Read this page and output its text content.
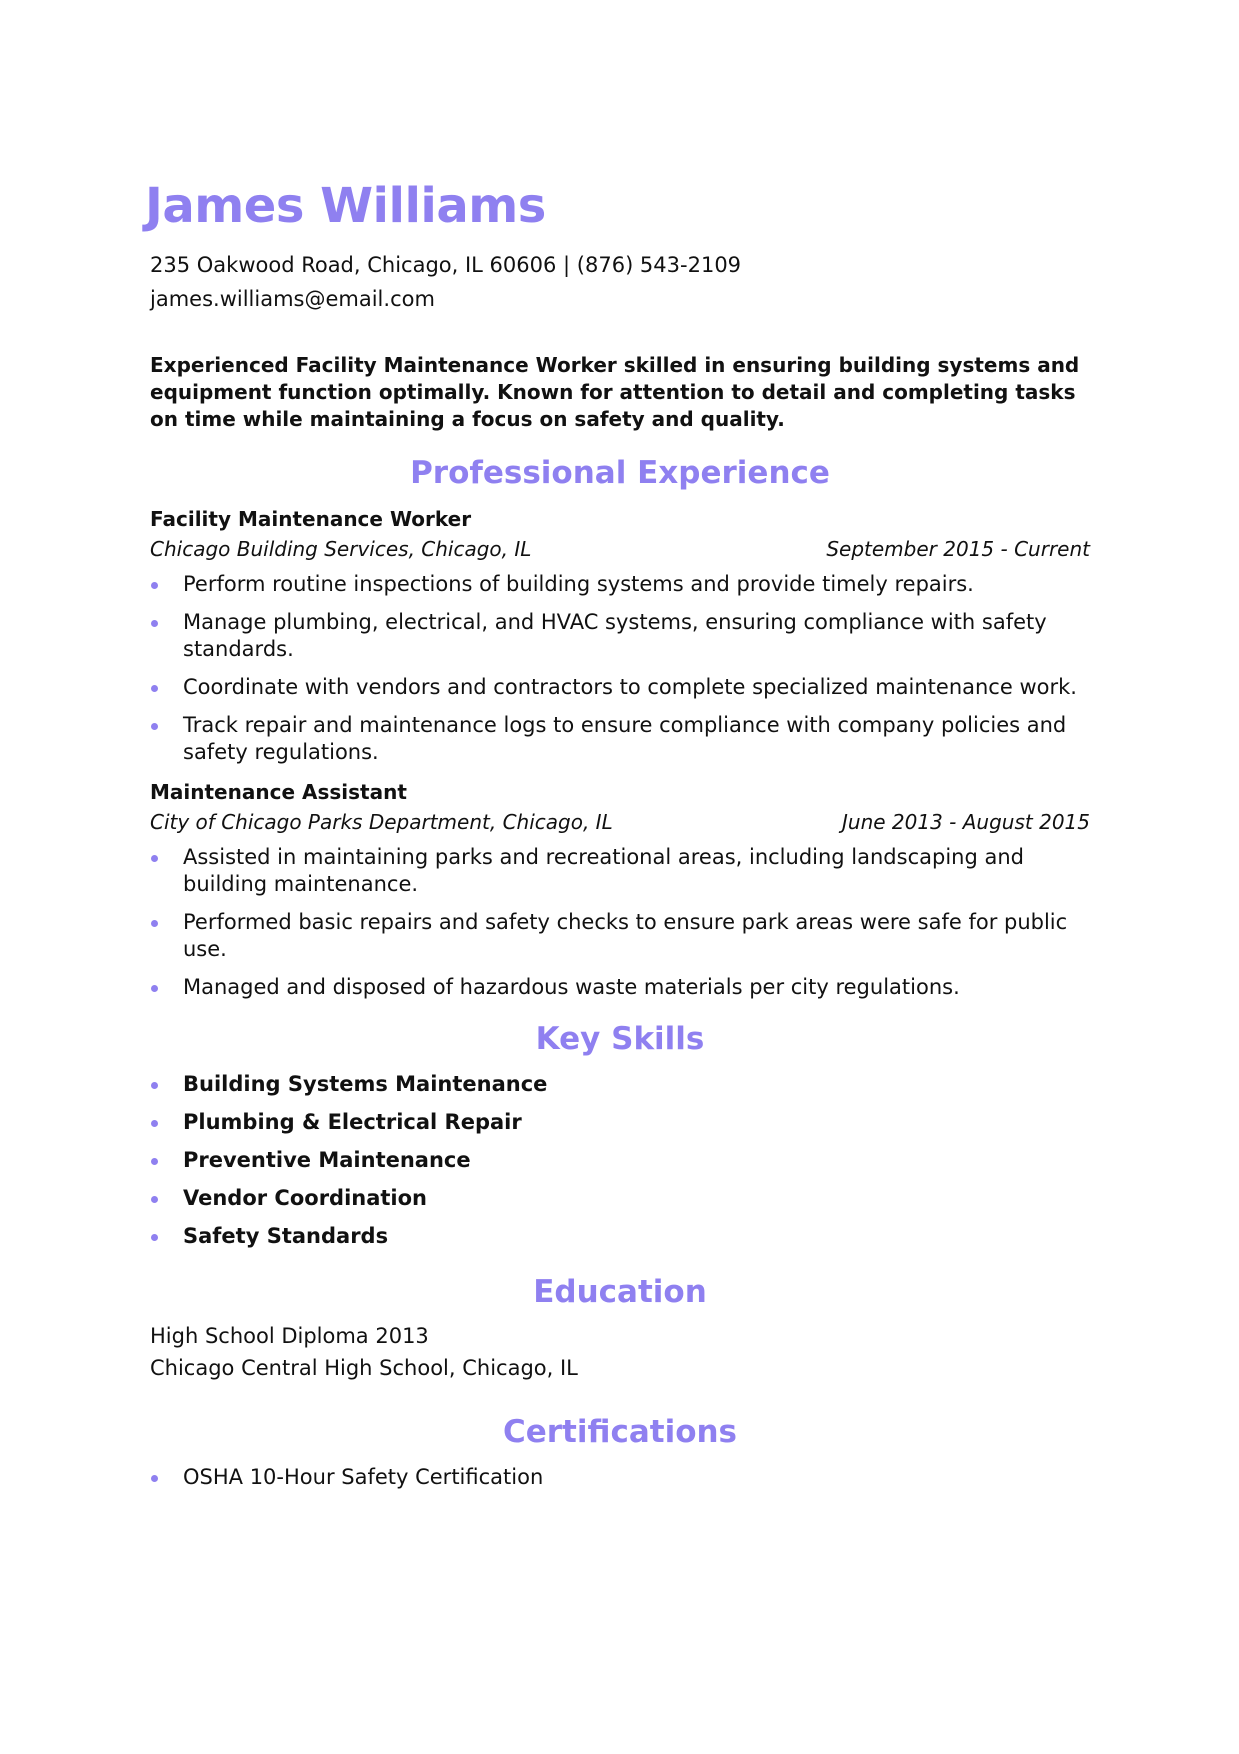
James Williams

235 Oakwood Road, Chicago, IL 60606 | (876) 543-2109

james.williams@email.com

Experienced Facility Maintenance Worker skilled in ensuring building systems and equipment function optimally. Known for attention to detail and completing tasks on time while maintaining a focus on safety and quality.

Professional Experience

Facility Maintenance Worker

Chicago Building Services, Chicago, IL	September 2015 - Current
Perform routine inspections of building systems and provide timely repairs.
Manage plumbing, electrical, and HVAC systems, ensuring compliance with safety standards.
Coordinate with vendors and contractors to complete specialized maintenance work.
Track repair and maintenance logs to ensure compliance with company policies and safety regulations.

Maintenance Assistant

City of Chicago Parks Department, Chicago, IL	June 2013 - August 2015
Assisted in maintaining parks and recreational areas, including landscaping and building maintenance.
Performed basic repairs and safety checks to ensure park areas were safe for public use.
Managed and disposed of hazardous waste materials per city regulations.
Key Skills
Building Systems Maintenance
Plumbing & Electrical Repair
Preventive Maintenance
Vendor Coordination
Safety Standards
Education

High School Diploma 2013

Chicago Central High School, Chicago, IL

Certifications
OSHA 10-Hour Safety Certification
